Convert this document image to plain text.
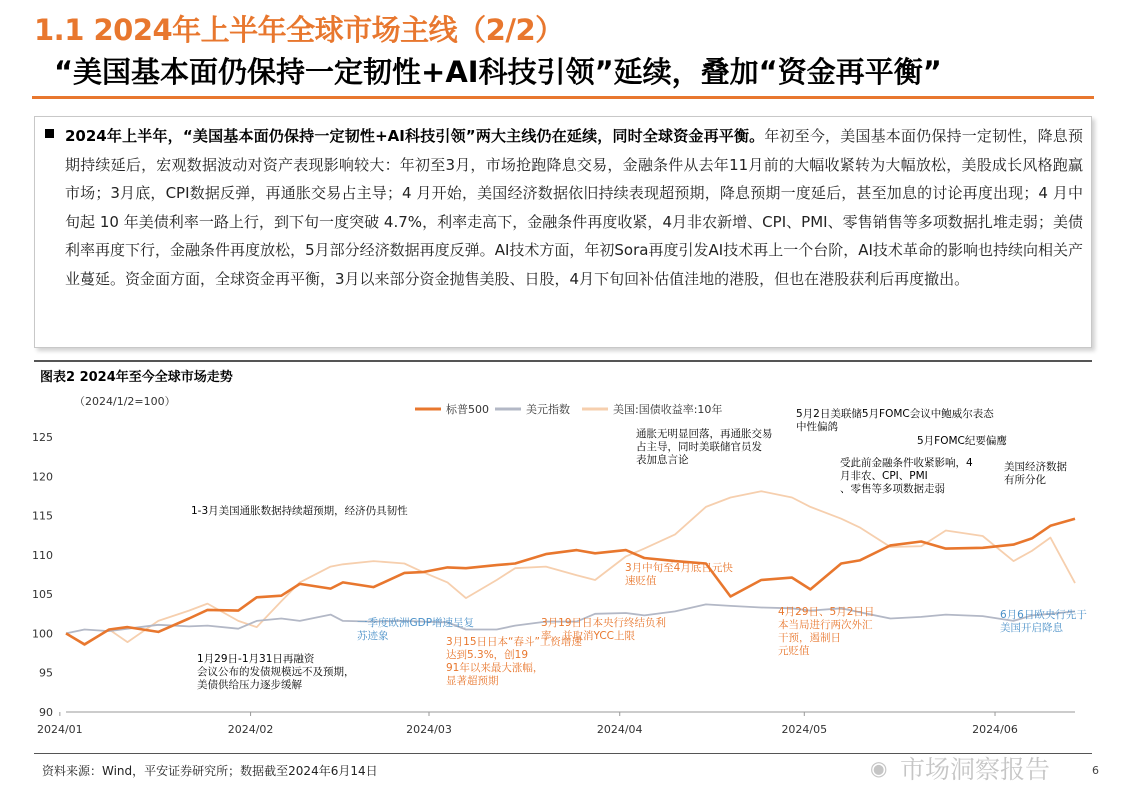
1.1 2024年上半年全球市场主线（2/2）
“美国基本面仍保持一定韧性+AI科技引领”延续，叠加“资金再平衡”

2024年上半年，“美国基本面仍保持一定韧性+AI科技引领”两大主线仍在延续，同时全球资金再平衡。年初至今，美国基本面仍保持一定韧性，降息预期持续延后，宏观数据波动对资产表现影响较大：年初至3月，市场抢跑降息交易，金融条件从去年11月前的大幅收紧转为大幅放松，美股成长风格跑赢市场；3月底，CPI数据反弹，再通胀交易占主导；4 月开始，美国经济数据依旧持续表现超预期，降息预期一度延后，甚至加息的讨论再度出现；4 月中旬起 10 年美债利率一路上行，到下旬一度突破 4.7%，利率走高下，金融条件再度收紧，4月非农新增、CPI、PMI、零售销售等多项数据扎堆走弱；美债利率再度下行，金融条件再度放松，5月部分经济数据再度反弹。AI技术方面，年初Sora再度引发AI技术再上一个台阶，AI技术革命的影响也持续向相关产业蔓延。资金面方面，全球资金再平衡，3月以来部分资金抛售美股、日股，4月下旬回补估值洼地的港股，但也在港股获利后再度撤出。

图表2 2024年至今全球市场走势
（2024/1/2=100）
125
120
115
110
105
100
95
90
2024/01	2024/02	2024/03	2024/04	2024/05	2024/06
标普500	美元指数	美国:国债收益率:10年
1-3月美国通胀数据持续超预期，经济仍具韧性
1月29日-1月31日再融资会议公布的发债规模远不及预期，美债供给压力逐步缓解
一季度欧洲GDP增速呈复苏迹象	3月15日日本“春斗”工资增速达到5.3%，创19 91年以来最大涨幅，显著超预期
3月19日日本央行终结负利率，并取消YCC上限
通胀无明显回落，再通胀交易占主导，同时美联储官员发表加息言论
3月中旬至4月底日元快速贬值
5月2日美联储5月FOMC会议中鲍威尔表态中性偏鸽
5月FOMC纪要偏鹰
受此前金融条件收紧影响，4 月非农、CPI、PMI 、零售等多项数据走弱
4月29日、5月2日日本当局进行两次外汇干预，遏制日元贬值
美国经济数据有所分化
6月6日欧央行先于美国开启降息
资料来源：Wind，平安证券研究所；数据截至2024年6月14日	◉ 市场洞察报告	6
